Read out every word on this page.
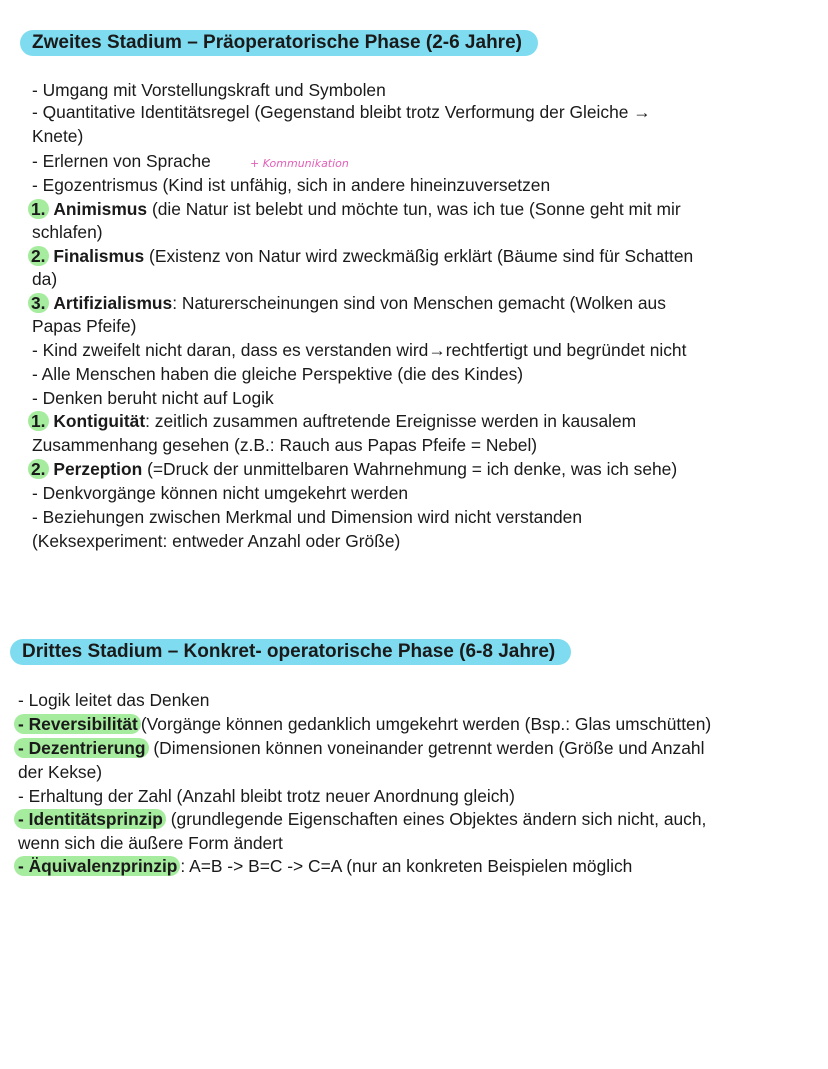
Zweites Stadium – Präoperatorische Phase (2-6 Jahre)
- Umgang mit Vorstellungskraft und Symbolen
- Quantitative Identitätsregel (Gegenstand bleibt trotz Verformung der Gleiche →
Knete)
- Erlernen von Sprache	+ Kommunikation
- Egozentrismus (Kind ist unfähig, sich in andere hineinzuversetzen
1. Animismus (die Natur ist belebt und möchte tun, was ich tue (Sonne geht mit mir
schlafen)
2. Finalismus (Existenz von Natur wird zweckmäßig erklärt (Bäume sind für Schatten
da)
3. Artifizialismus: Naturerscheinungen sind von Menschen gemacht (Wolken aus
Papas Pfeife)
- Kind zweifelt nicht daran, dass es verstanden wird→rechtfertigt und begründet nicht
- Alle Menschen haben die gleiche Perspektive (die des Kindes)
- Denken beruht nicht auf Logik
1. Kontiguität: zeitlich zusammen auftretende Ereignisse werden in kausalem
Zusammenhang gesehen (z.B.: Rauch aus Papas Pfeife = Nebel)
2. Perzeption (=Druck der unmittelbaren Wahrnehmung = ich denke, was ich sehe)
- Denkvorgänge können nicht umgekehrt werden
- Beziehungen zwischen Merkmal und Dimension wird nicht verstanden
(Keksexperiment: entweder Anzahl oder Größe)
Drittes Stadium – Konkret- operatorische Phase (6-8 Jahre)
- Logik leitet das Denken
- Reversibilität (Vorgänge können gedanklich umgekehrt werden (Bsp.: Glas umschütten)
- Dezentrierung (Dimensionen können voneinander getrennt werden (Größe und Anzahl
der Kekse)
- Erhaltung der Zahl (Anzahl bleibt trotz neuer Anordnung gleich)
- Identitätsprinzip (grundlegende Eigenschaften eines Objektes ändern sich nicht, auch,
wenn sich die äußere Form ändert
- Äquivalenzprinzip : A=B -> B=C -> C=A (nur an konkreten Beispielen möglich
